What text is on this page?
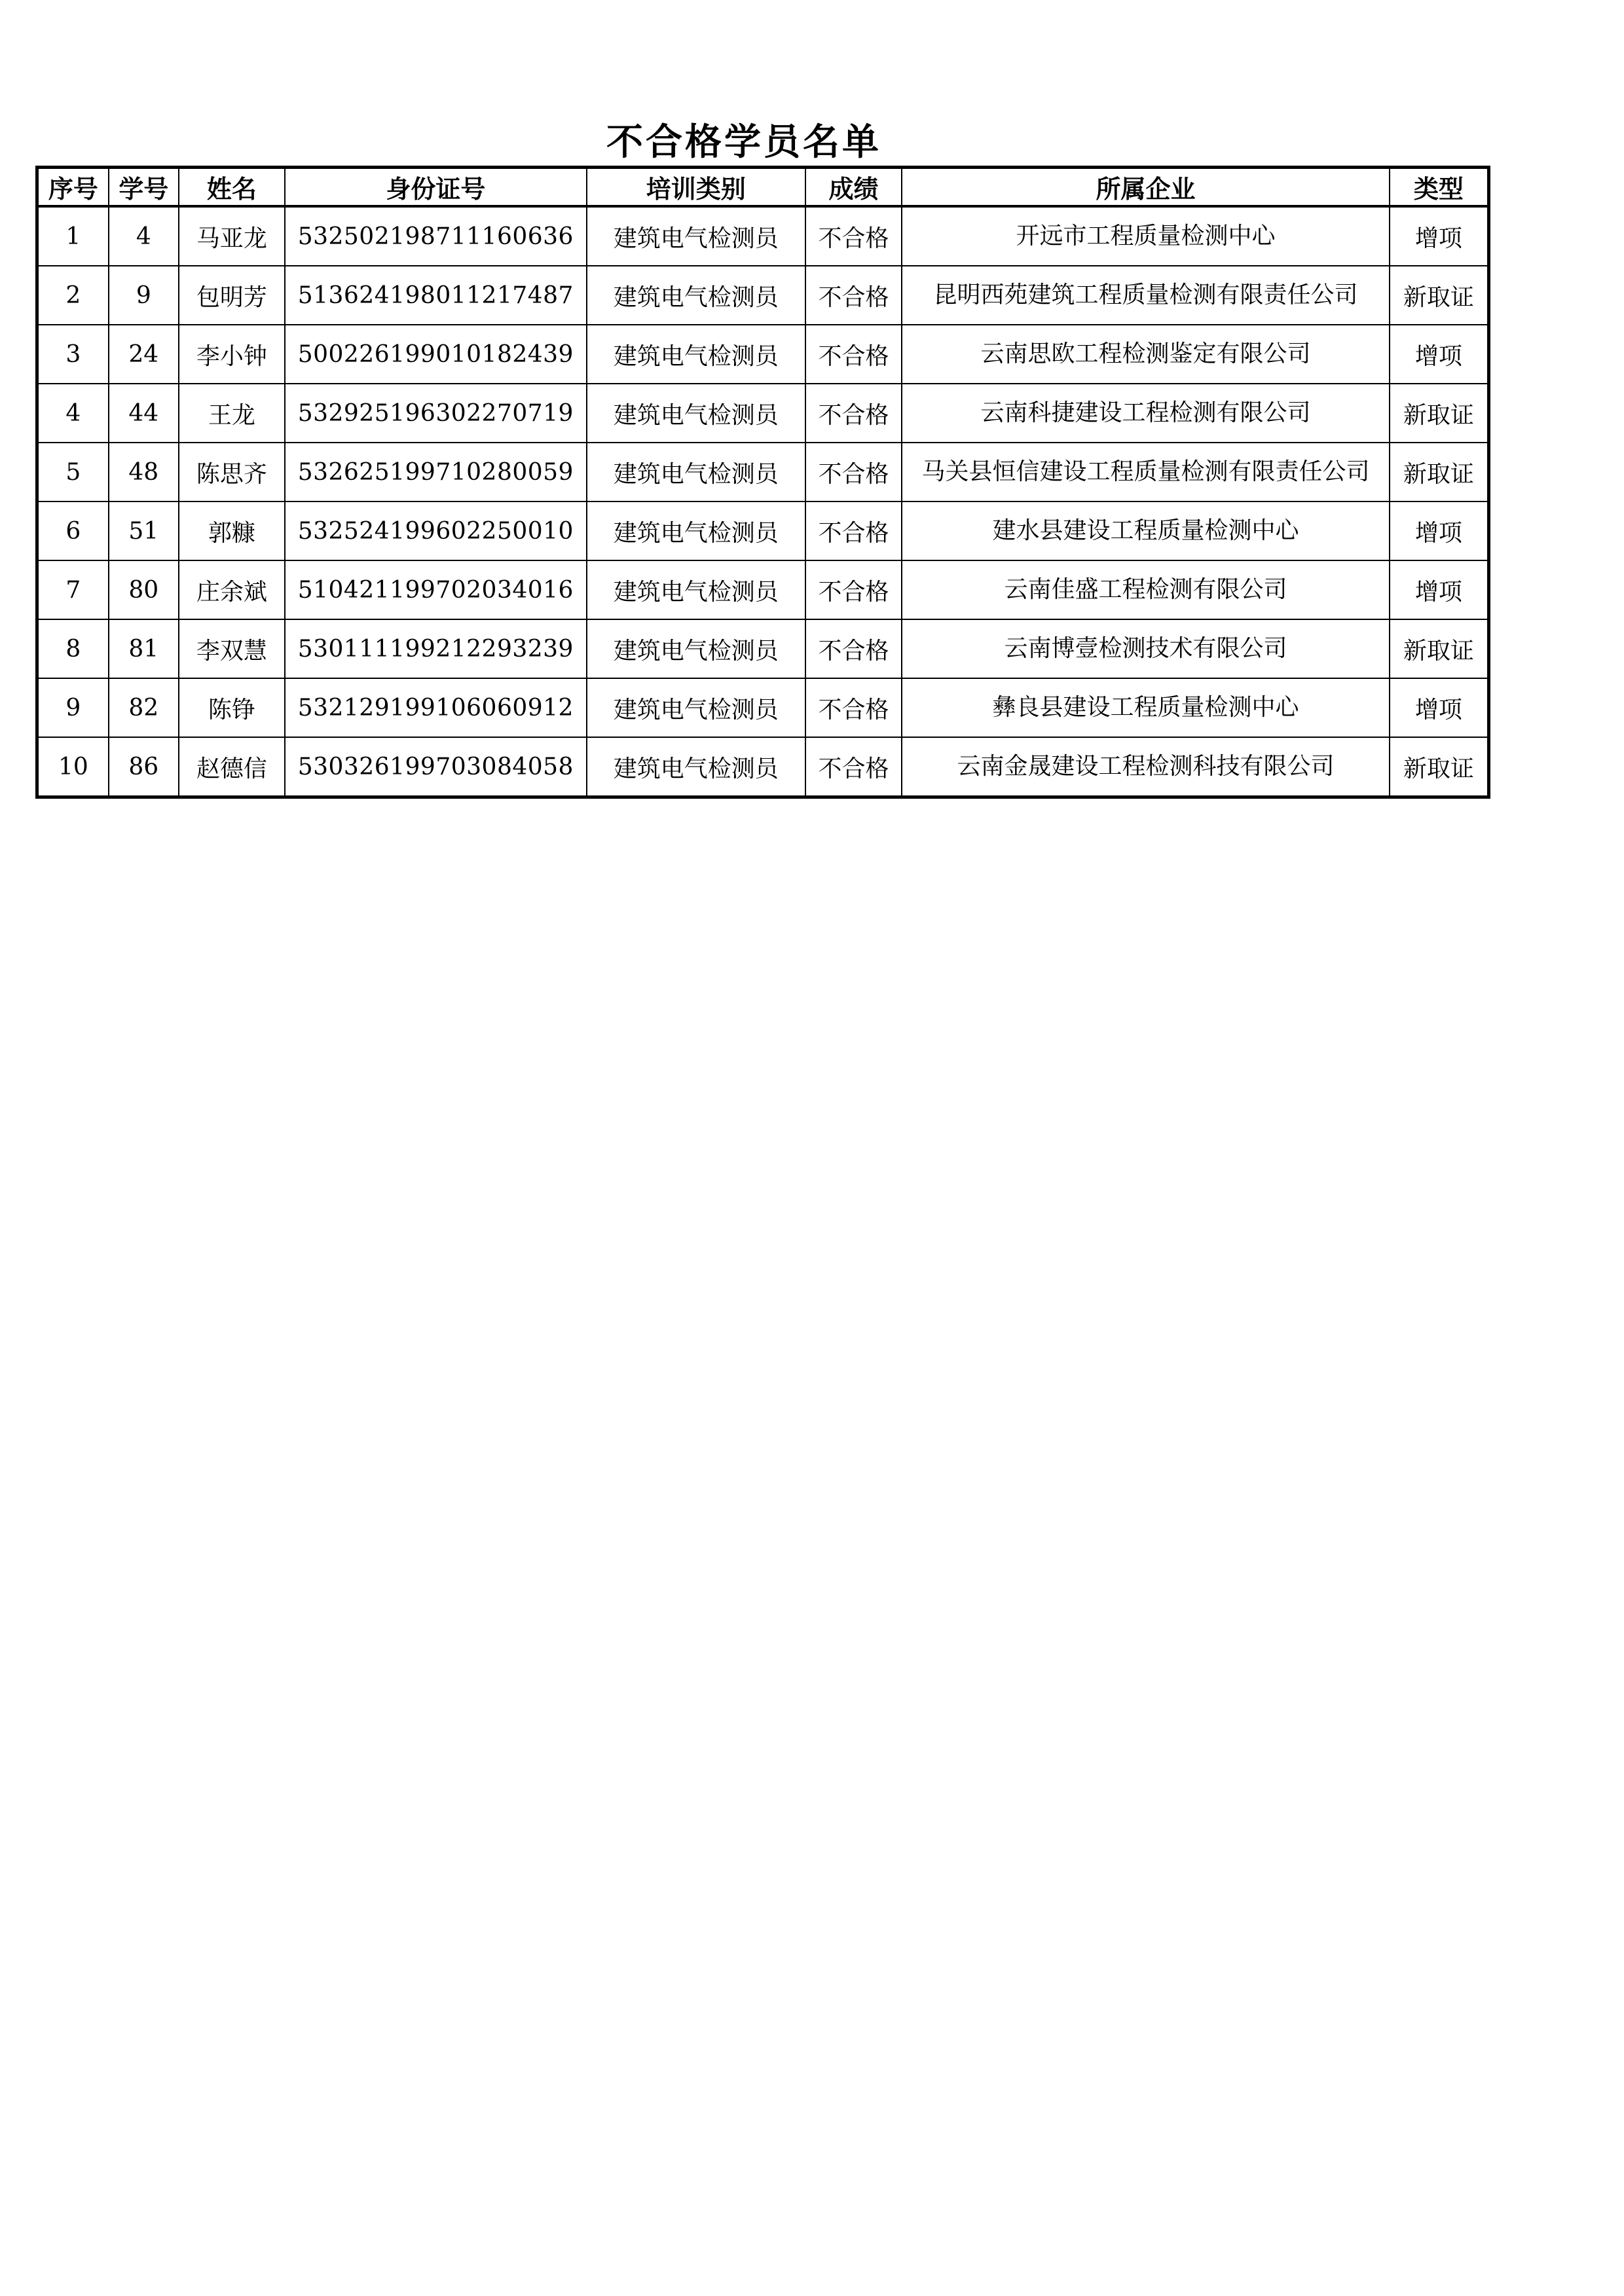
不合格学员名单
序号	学号	姓名	身份证号	培训类别	成绩	所属企业	类型
1	4	马亚龙	532502198711160636	建筑电气检测员	不合格	开远市工程质量检测中心	增项
2	9	包明芳	513624198011217487	建筑电气检测员	不合格	昆明西苑建筑工程质量检测有限责任公司	新取证
3	24	李小钟	500226199010182439	建筑电气检测员	不合格	云南思欧工程检测鉴定有限公司	增项
4	44	王龙	532925196302270719	建筑电气检测员	不合格	云南科捷建设工程检测有限公司	新取证
5	48	陈思齐	532625199710280059	建筑电气检测员	不合格	马关县恒信建设工程质量检测有限责任公司	新取证
6	51	郭糠	532524199602250010	建筑电气检测员	不合格	建水县建设工程质量检测中心	增项
7	80	庄余斌	510421199702034016	建筑电气检测员	不合格	云南佳盛工程检测有限公司	增项
8	81	李双慧	530111199212293239	建筑电气检测员	不合格	云南博壹检测技术有限公司	新取证
9	82	陈铮	532129199106060912	建筑电气检测员	不合格	彝良县建设工程质量检测中心	增项
10	86	赵德信	530326199703084058	建筑电气检测员	不合格	云南金晟建设工程检测科技有限公司	新取证
